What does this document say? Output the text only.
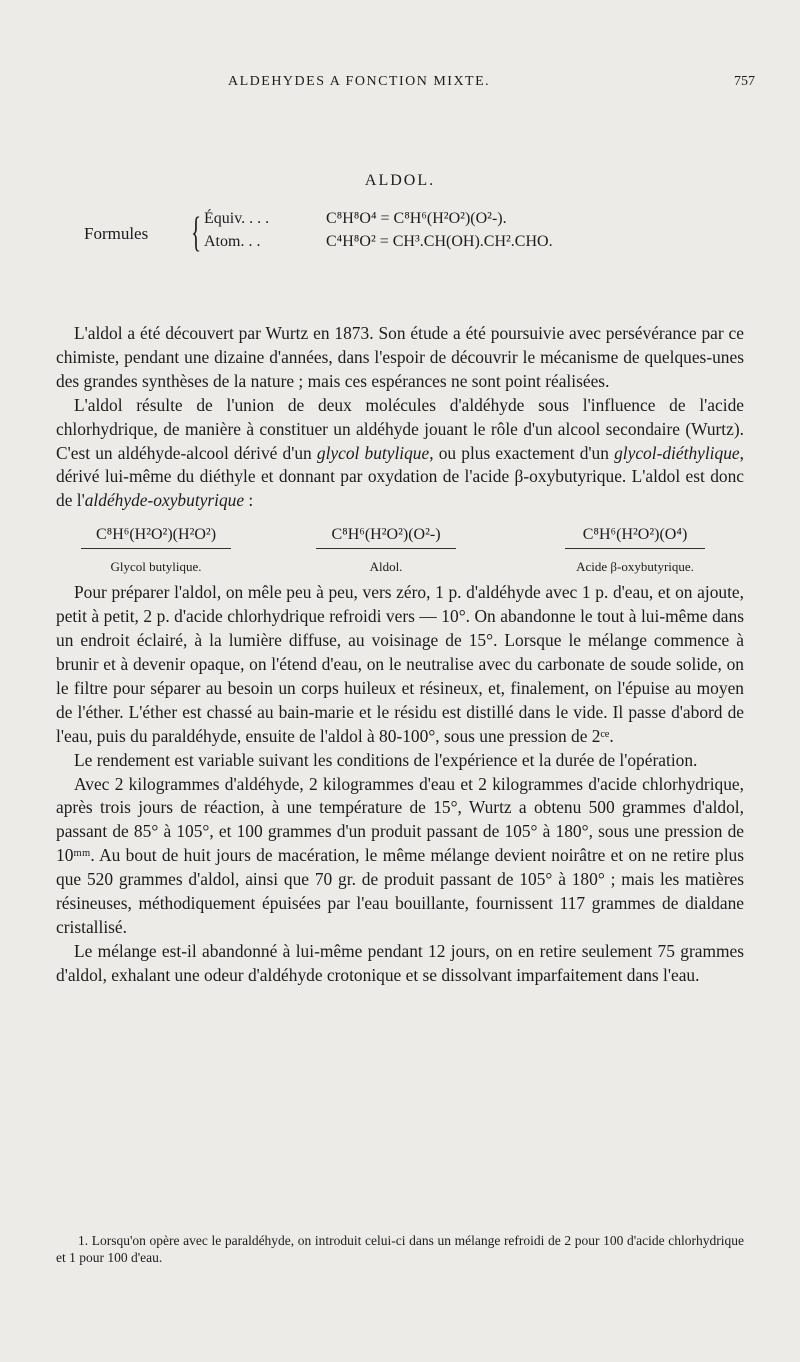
ALDEHYDES A FONCTION MIXTE.	757
ALDOL.
Formules { Équiv. . . .	C⁸H⁸O⁴ = C⁸H⁶(H²O²)(O²-).
Atom. . .	C⁴H⁸O² = CH³.CH(OH).CH².CHO.

L'aldol a été découvert par Wurtz en 1873. Son étude a été poursuivie avec persévérance par ce chimiste, pendant une dizaine d'années, dans l'espoir de découvrir le mécanisme de quelques-unes des grandes synthèses de la nature ; mais ces espérances ne sont point réalisées.

L'aldol résulte de l'union de deux molécules d'aldéhyde sous l'influence de l'acide chlorhydrique, de manière à constituer un aldéhyde jouant le rôle d'un alcool secondaire (Wurtz). C'est un aldéhyde-alcool dérivé d'un glycol butylique, ou plus exactement d'un glycol-diéthylique, dérivé lui-même du diéthyle et donnant par oxydation de l'acide β-oxybutyrique. L'aldol est donc de l'aldéhyde-oxybutyrique :

C⁸H⁶(H²O²)(H²O²)
Glycol butylique.
C⁸H⁶(H²O²)(O²-)
Aldol.
C⁸H⁶(H²O²)(O⁴)
Acide β-oxybutyrique.

Pour préparer l'aldol, on mêle peu à peu, vers zéro, 1 p. d'aldéhyde avec 1 p. d'eau, et on ajoute, petit à petit, 2 p. d'acide chlorhydrique refroidi vers — 10°. On abandonne le tout à lui-même dans un endroit éclairé, à la lumière diffuse, au voisinage de 15°. Lorsque le mélange commence à brunir et à devenir opaque, on l'étend d'eau, on le neutralise avec du carbonate de soude solide, on le filtre pour séparer au besoin un corps huileux et résineux, et, finalement, on l'épuise au moyen de l'éther. L'éther est chassé au bain-marie et le résidu est distillé dans le vide. Il passe d'abord de l'eau, puis du paraldéhyde, ensuite de l'aldol à 80-100°, sous une pression de 2ᶜᵉ.

Le rendement est variable suivant les conditions de l'expérience et la durée de l'opération.

Avec 2 kilogrammes d'aldéhyde, 2 kilogrammes d'eau et 2 kilogrammes d'acide chlorhydrique, après trois jours de réaction, à une température de 15°, Wurtz a obtenu 500 grammes d'aldol, passant de 85° à 105°, et 100 grammes d'un produit passant de 105° à 180°, sous une pression de 10ᵐᵐ. Au bout de huit jours de macération, le même mélange devient noirâtre et on ne retire plus que 520 grammes d'aldol, ainsi que 70 gr. de produit passant de 105° à 180° ; mais les matières résineuses, méthodiquement épuisées par l'eau bouillante, fournissent 117 grammes de dialdane cristallisé.

Le mélange est-il abandonné à lui-même pendant 12 jours, on en retire seulement 75 grammes d'aldol, exhalant une odeur d'aldéhyde crotonique et se dissolvant imparfaitement dans l'eau.

1. Lorsqu'on opère avec le paraldéhyde, on introduit celui-ci dans un mélange refroidi de 2 pour 100 d'acide chlorhydrique et 1 pour 100 d'eau.
